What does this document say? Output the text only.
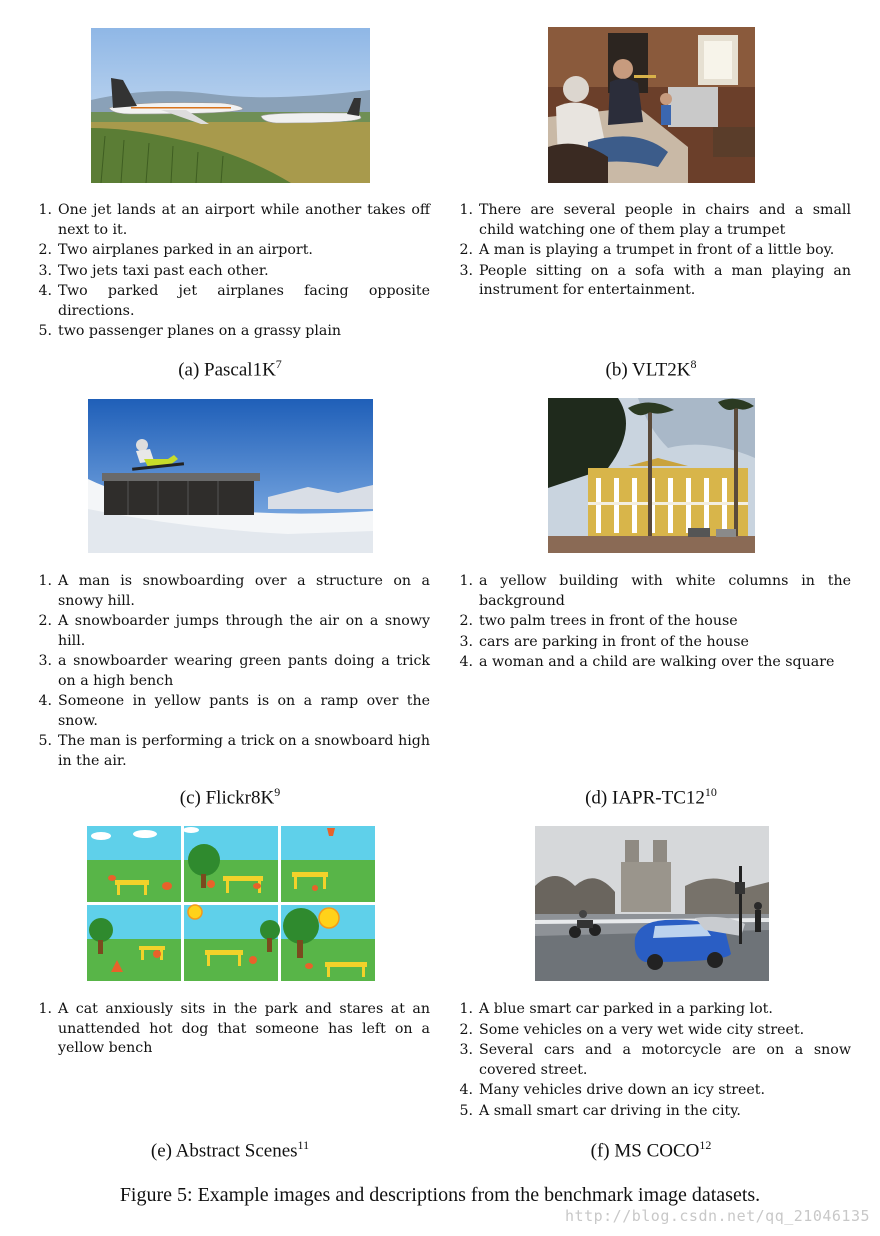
1. One jet lands at an airport while another takes off next to it.
2. Two airplanes parked in an airport.
3. Two jets taxi past each other.
4. Two parked jet airplanes facing opposite directions.
5. two passenger planes on a grassy plain
(a) $Pascal1K^7$
1. There are several people in chairs and a small child watching one of them play a trumpet
2. A man is playing a trumpet in front of a little boy.
3. People sitting on a sofa with a man playing an instrument for entertainment.
(b) $VLT2K^8$
1. A man is snowboarding over a structure on a snowy hill.
2. A snowboarder jumps through the air on a snowy hill.
3. a snowboarder wearing green pants doing a trick on a high bench
4. Someone in yellow pants is on a ramp over the snow.
5. The man is performing a trick on a snowboard high in the air.
(c) $Flickr8K^9$
1. a yellow building with white columns in the background
2. two palm trees in front of the house
3. cars are parking in front of the house
4. a woman and a child are walking over the square
(d) IAPR-$TC12^{10}$
1. A cat anxiously sits in the park and stares at an unattended hot dog that someone has left on a yellow bench
(e) Abstract Scenes$^{11}$
1. A blue smart car parked in a parking lot.
2. Some vehicles on a very wet wide city street.
3. Several cars and a motorcycle are on a snow covered street.
4. Many vehicles drive down an icy street.
5. A small smart car driving in the city.
(f) MS COCO$^{12}$
Figure 5: Example images and descriptions from the benchmark image datasets.
http://blog.csdn.net/qq_21046135
